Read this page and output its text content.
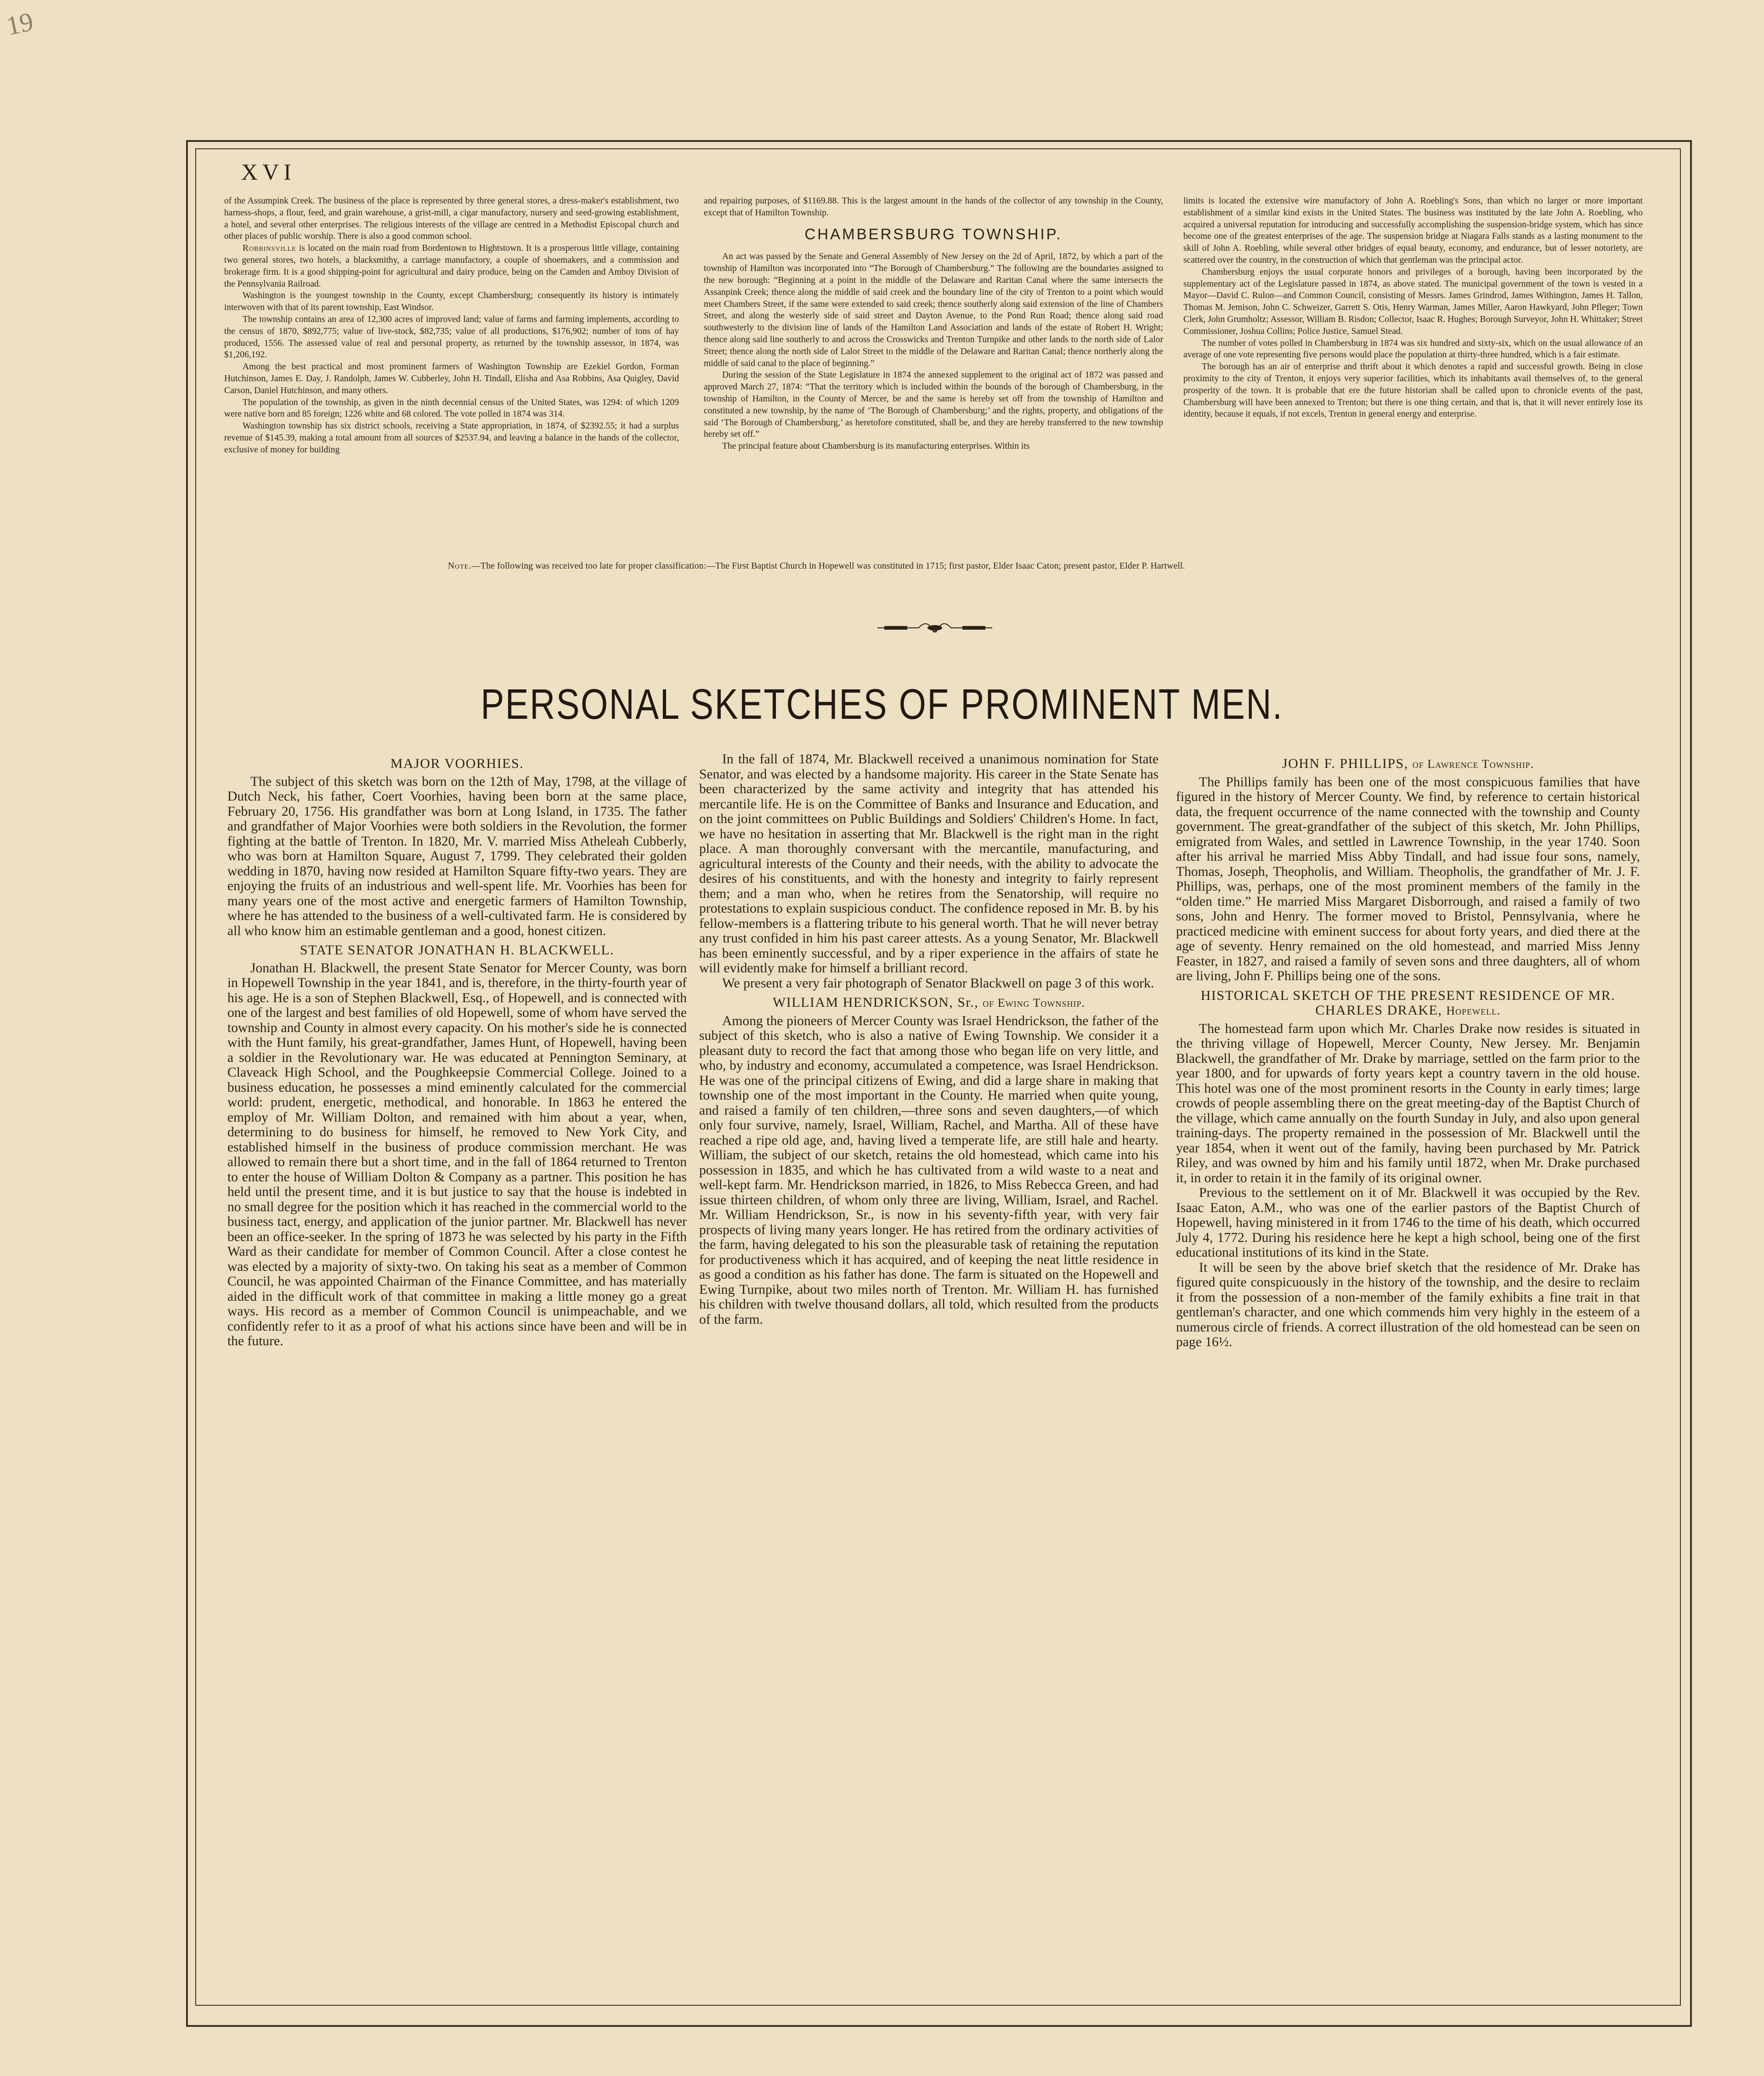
19
XVI

of the Assumpink Creek. The business of the place is represented by three general stores, a dress-maker's establishment, two harness-shops, a flour, feed, and grain warehouse, a grist-mill, a cigar manufactory, nursery and seed-growing establishment, a hotel, and several other enterprises. The religious interests of the village are centred in a Methodist Episcopal church and other places of public worship. There is also a good common school.

Robbinsville is located on the main road from Bordentown to Hightstown. It is a prosperous little village, containing two general stores, two hotels, a blacksmithy, a carriage manufactory, a couple of shoemakers, and a commission and brokerage firm. It is a good shipping-point for agricultural and dairy produce, being on the Camden and Amboy Division of the Pennsylvania Railroad.

Washington is the youngest township in the County, except Chambersburg; consequently its history is intimately interwoven with that of its parent township, East Windsor.

The township contains an area of 12,300 acres of improved land; value of farms and farming implements, according to the census of 1870, $892,775; value of live-stock, $82,735; value of all productions, $176,902; number of tons of hay produced, 1556. The assessed value of real and personal property, as returned by the township assessor, in 1874, was $1,206,192.

Among the best practical and most prominent farmers of Washington Township are Ezekiel Gordon, Forman Hutchinson, James E. Day, J. Randolph, James W. Cubberley, John H. Tindall, Elisha and Asa Robbins, Asa Quigley, David Carson, Daniel Hutchinson, and many others.

The population of the township, as given in the ninth decennial census of the United States, was 1294: of which 1209 were native born and 85 foreign; 1226 white and 68 colored. The vote polled in 1874 was 314.

Washington township has six district schools, receiving a State appropriation, in 1874, of $2392.55; it had a surplus revenue of $145.39, making a total amount from all sources of $2537.94, and leaving a balance in the hands of the collector, exclusive of money for building

and repairing purposes, of $1169.88. This is the largest amount in the hands of the collector of any township in the County, except that of Hamilton Township.

CHAMBERSBURG TOWNSHIP.

An act was passed by the Senate and General Assembly of New Jersey on the 2d of April, 1872, by which a part of the township of Hamilton was incorporated into “The Borough of Chambersburg.” The following are the boundaries assigned to the new borough: “Beginning at a point in the middle of the Delaware and Raritan Canal where the same intersects the Assanpink Creek; thence along the middle of said creek and the boundary line of the city of Trenton to a point which would meet Chambers Street, if the same were extended to said creek; thence southerly along said extension of the line of Chambers Street, and along the westerly side of said street and Dayton Avenue, to the Pond Run Road; thence along said road southwesterly to the division line of lands of the Hamilton Land Association and lands of the estate of Robert H. Wright; thence along said line southerly to and across the Crosswicks and Trenton Turnpike and other lands to the north side of Lalor Street; thence along the north side of Lalor Street to the middle of the Delaware and Raritan Canal; thence northerly along the middle of said canal to the place of beginning.”

During the session of the State Legislature in 1874 the annexed supplement to the original act of 1872 was passed and approved March 27, 1874: “That the territory which is included within the bounds of the borough of Chambersburg, in the township of Hamilton, in the County of Mercer, be and the same is hereby set off from the township of Hamilton and constituted a new township, by the name of ‘The Borough of Chambersburg;’ and the rights, property, and obligations of the said ‘The Borough of Chambersburg,’ as heretofore constituted, shall be, and they are hereby transferred to the new township hereby set off.”

The principal feature about Chambersburg is its manufacturing enterprises. Within its

limits is located the extensive wire manufactory of John A. Roebling's Sons, than which no larger or more important establishment of a similar kind exists in the United States. The business was instituted by the late John A. Roebling, who acquired a universal reputation for introducing and successfully accomplishing the suspension-bridge system, which has since become one of the greatest enterprises of the age. The suspension bridge at Niagara Falls stands as a lasting monument to the skill of John A. Roebling, while several other bridges of equal beauty, economy, and endurance, but of lesser notoriety, are scattered over the country, in the construction of which that gentleman was the principal actor.

Chambersburg enjoys the usual corporate honors and privileges of a borough, having been incorporated by the supplementary act of the Legislature passed in 1874, as above stated. The municipal government of the town is vested in a Mayor—David C. Rulon—and Common Council, consisting of Messrs. James Grindrod, James Withington, James H. Tallon, Thomas M. Jemison, John C. Schweizer, Garrett S. Otis, Henry Warman, James Miller, Aaron Hawkyard, John Pfleger; Town Clerk, John Grumholtz; Assessor, William B. Risdon; Collector, Isaac R. Hughes; Borough Surveyor, John H. Whittaker; Street Commissioner, Joshua Collins; Police Justice, Samuel Stead.

The number of votes polled in Chambersburg in 1874 was six hundred and sixty-six, which on the usual allowance of an average of one vote representing five persons would place the population at thirty-three hundred, which is a fair estimate.

The borough has an air of enterprise and thrift about it which denotes a rapid and successful growth. Being in close proximity to the city of Trenton, it enjoys very superior facilities, which its inhabitants avail themselves of, to the general prosperity of the town. It is probable that ere the future historian shall be called upon to chronicle events of the past, Chambersburg will have been annexed to Trenton; but there is one thing certain, and that is, that it will never entirely lose its identity, because it equals, if not excels, Trenton in general energy and enterprise.

Note.—The following was received too late for proper classification:—The First Baptist Church in Hopewell was constituted in 1715; first pastor, Elder Isaac Caton; present pastor, Elder P. Hartwell.
PERSONAL SKETCHES OF PROMINENT MEN.
MAJOR VOORHIES.

The subject of this sketch was born on the 12th of May, 1798, at the village of Dutch Neck, his father, Coert Voorhies, having been born at the same place, February 20, 1756. His grandfather was born at Long Island, in 1735. The father and grandfather of Major Voorhies were both soldiers in the Revolution, the former fighting at the battle of Trenton. In 1820, Mr. V. married Miss Atheleah Cubberly, who was born at Hamilton Square, August 7, 1799. They celebrated their golden wedding in 1870, having now resided at Hamilton Square fifty-two years. They are enjoying the fruits of an industrious and well-spent life. Mr. Voorhies has been for many years one of the most active and energetic farmers of Hamilton Township, where he has attended to the business of a well-cultivated farm. He is considered by all who know him an estimable gentleman and a good, honest citizen.

STATE SENATOR JONATHAN H. BLACKWELL.

Jonathan H. Blackwell, the present State Senator for Mercer County, was born in Hopewell Township in the year 1841, and is, therefore, in the thirty-fourth year of his age. He is a son of Stephen Blackwell, Esq., of Hopewell, and is connected with one of the largest and best families of old Hopewell, some of whom have served the township and County in almost every capacity. On his mother's side he is connected with the Hunt family, his great-grandfather, James Hunt, of Hopewell, having been a soldier in the Revolutionary war. He was educated at Pennington Seminary, at Claveack High School, and the Poughkeepsie Commercial College. Joined to a business education, he possesses a mind eminently calculated for the commercial world: prudent, energetic, methodical, and honorable. In 1863 he entered the employ of Mr. William Dolton, and remained with him about a year, when, determining to do business for himself, he removed to New York City, and established himself in the business of produce commission merchant. He was allowed to remain there but a short time, and in the fall of 1864 returned to Trenton to enter the house of William Dolton & Company as a partner. This position he has held until the present time, and it is but justice to say that the house is indebted in no small degree for the position which it has reached in the commercial world to the business tact, energy, and application of the junior partner. Mr. Blackwell has never been an office-seeker. In the spring of 1873 he was selected by his party in the Fifth Ward as their candidate for member of Common Council. After a close contest he was elected by a majority of sixty-two. On taking his seat as a member of Common Council, he was appointed Chairman of the Finance Committee, and has materially aided in the difficult work of that committee in making a little money go a great ways. His record as a member of Common Council is unimpeachable, and we confidently refer to it as a proof of what his actions since have been and will be in the future.

In the fall of 1874, Mr. Blackwell received a unanimous nomination for State Senator, and was elected by a handsome majority. His career in the State Senate has been characterized by the same activity and integrity that has attended his mercantile life. He is on the Committee of Banks and Insurance and Education, and on the joint committees on Public Buildings and Soldiers' Children's Home. In fact, we have no hesitation in asserting that Mr. Blackwell is the right man in the right place. A man thoroughly conversant with the mercantile, manufacturing, and agricultural interests of the County and their needs, with the ability to advocate the desires of his constituents, and with the honesty and integrity to fairly represent them; and a man who, when he retires from the Senatorship, will require no protestations to explain suspicious conduct. The confidence reposed in Mr. B. by his fellow-members is a flattering tribute to his general worth. That he will never betray any trust confided in him his past career attests. As a young Senator, Mr. Blackwell has been eminently successful, and by a riper experience in the affairs of state he will evidently make for himself a brilliant record.

We present a very fair photograph of Senator Blackwell on page 3 of this work.

WILLIAM HENDRICKSON, Sr., of Ewing Township.

Among the pioneers of Mercer County was Israel Hendrickson, the father of the subject of this sketch, who is also a native of Ewing Township. We consider it a pleasant duty to record the fact that among those who began life on very little, and who, by industry and economy, accumulated a competence, was Israel Hendrickson. He was one of the principal citizens of Ewing, and did a large share in making that township one of the most important in the County. He married when quite young, and raised a family of ten children,—three sons and seven daughters,—of which only four survive, namely, Israel, William, Rachel, and Martha. All of these have reached a ripe old age, and, having lived a temperate life, are still hale and hearty. William, the subject of our sketch, retains the old homestead, which came into his possession in 1835, and which he has cultivated from a wild waste to a neat and well-kept farm. Mr. Hendrickson married, in 1826, to Miss Rebecca Green, and had issue thirteen children, of whom only three are living, William, Israel, and Rachel. Mr. William Hendrickson, Sr., is now in his seventy-fifth year, with very fair prospects of living many years longer. He has retired from the ordinary activities of the farm, having delegated to his son the pleasurable task of retaining the reputation for productiveness which it has acquired, and of keeping the neat little residence in as good a condition as his father has done. The farm is situated on the Hopewell and Ewing Turnpike, about two miles north of Trenton. Mr. William H. has furnished his children with twelve thousand dollars, all told, which resulted from the products of the farm.

JOHN F. PHILLIPS, of Lawrence Township.

The Phillips family has been one of the most conspicuous families that have figured in the history of Mercer County. We find, by reference to certain historical data, the frequent occurrence of the name connected with the township and County government. The great-grandfather of the subject of this sketch, Mr. John Phillips, emigrated from Wales, and settled in Lawrence Township, in the year 1740. Soon after his arrival he married Miss Abby Tindall, and had issue four sons, namely, Thomas, Joseph, Theopholis, and William. Theopholis, the grandfather of Mr. J. F. Phillips, was, perhaps, one of the most prominent members of the family in the “olden time.” He married Miss Margaret Disborrough, and raised a family of two sons, John and Henry. The former moved to Bristol, Pennsylvania, where he practiced medicine with eminent success for about forty years, and died there at the age of seventy. Henry remained on the old homestead, and married Miss Jenny Feaster, in 1827, and raised a family of seven sons and three daughters, all of whom are living, John F. Phillips being one of the sons.

HISTORICAL SKETCH OF THE PRESENT RESIDENCE OF MR. CHARLES DRAKE, Hopewell.

The homestead farm upon which Mr. Charles Drake now resides is situated in the thriving village of Hopewell, Mercer County, New Jersey. Mr. Benjamin Blackwell, the grandfather of Mr. Drake by marriage, settled on the farm prior to the year 1800, and for upwards of forty years kept a country tavern in the old house. This hotel was one of the most prominent resorts in the County in early times; large crowds of people assembling there on the great meeting-day of the Baptist Church of the village, which came annually on the fourth Sunday in July, and also upon general training-days. The property remained in the possession of Mr. Blackwell until the year 1854, when it went out of the family, having been purchased by Mr. Patrick Riley, and was owned by him and his family until 1872, when Mr. Drake purchased it, in order to retain it in the family of its original owner.

Previous to the settlement on it of Mr. Blackwell it was occupied by the Rev. Isaac Eaton, A.M., who was one of the earlier pastors of the Baptist Church of Hopewell, having ministered in it from 1746 to the time of his death, which occurred July 4, 1772. During his residence here he kept a high school, being one of the first educational institutions of its kind in the State.

It will be seen by the above brief sketch that the residence of Mr. Drake has figured quite conspicuously in the history of the township, and the desire to reclaim it from the possession of a non-member of the family exhibits a fine trait in that gentleman's character, and one which commends him very highly in the esteem of a numerous circle of friends. A correct illustration of the old homestead can be seen on page 16½.
